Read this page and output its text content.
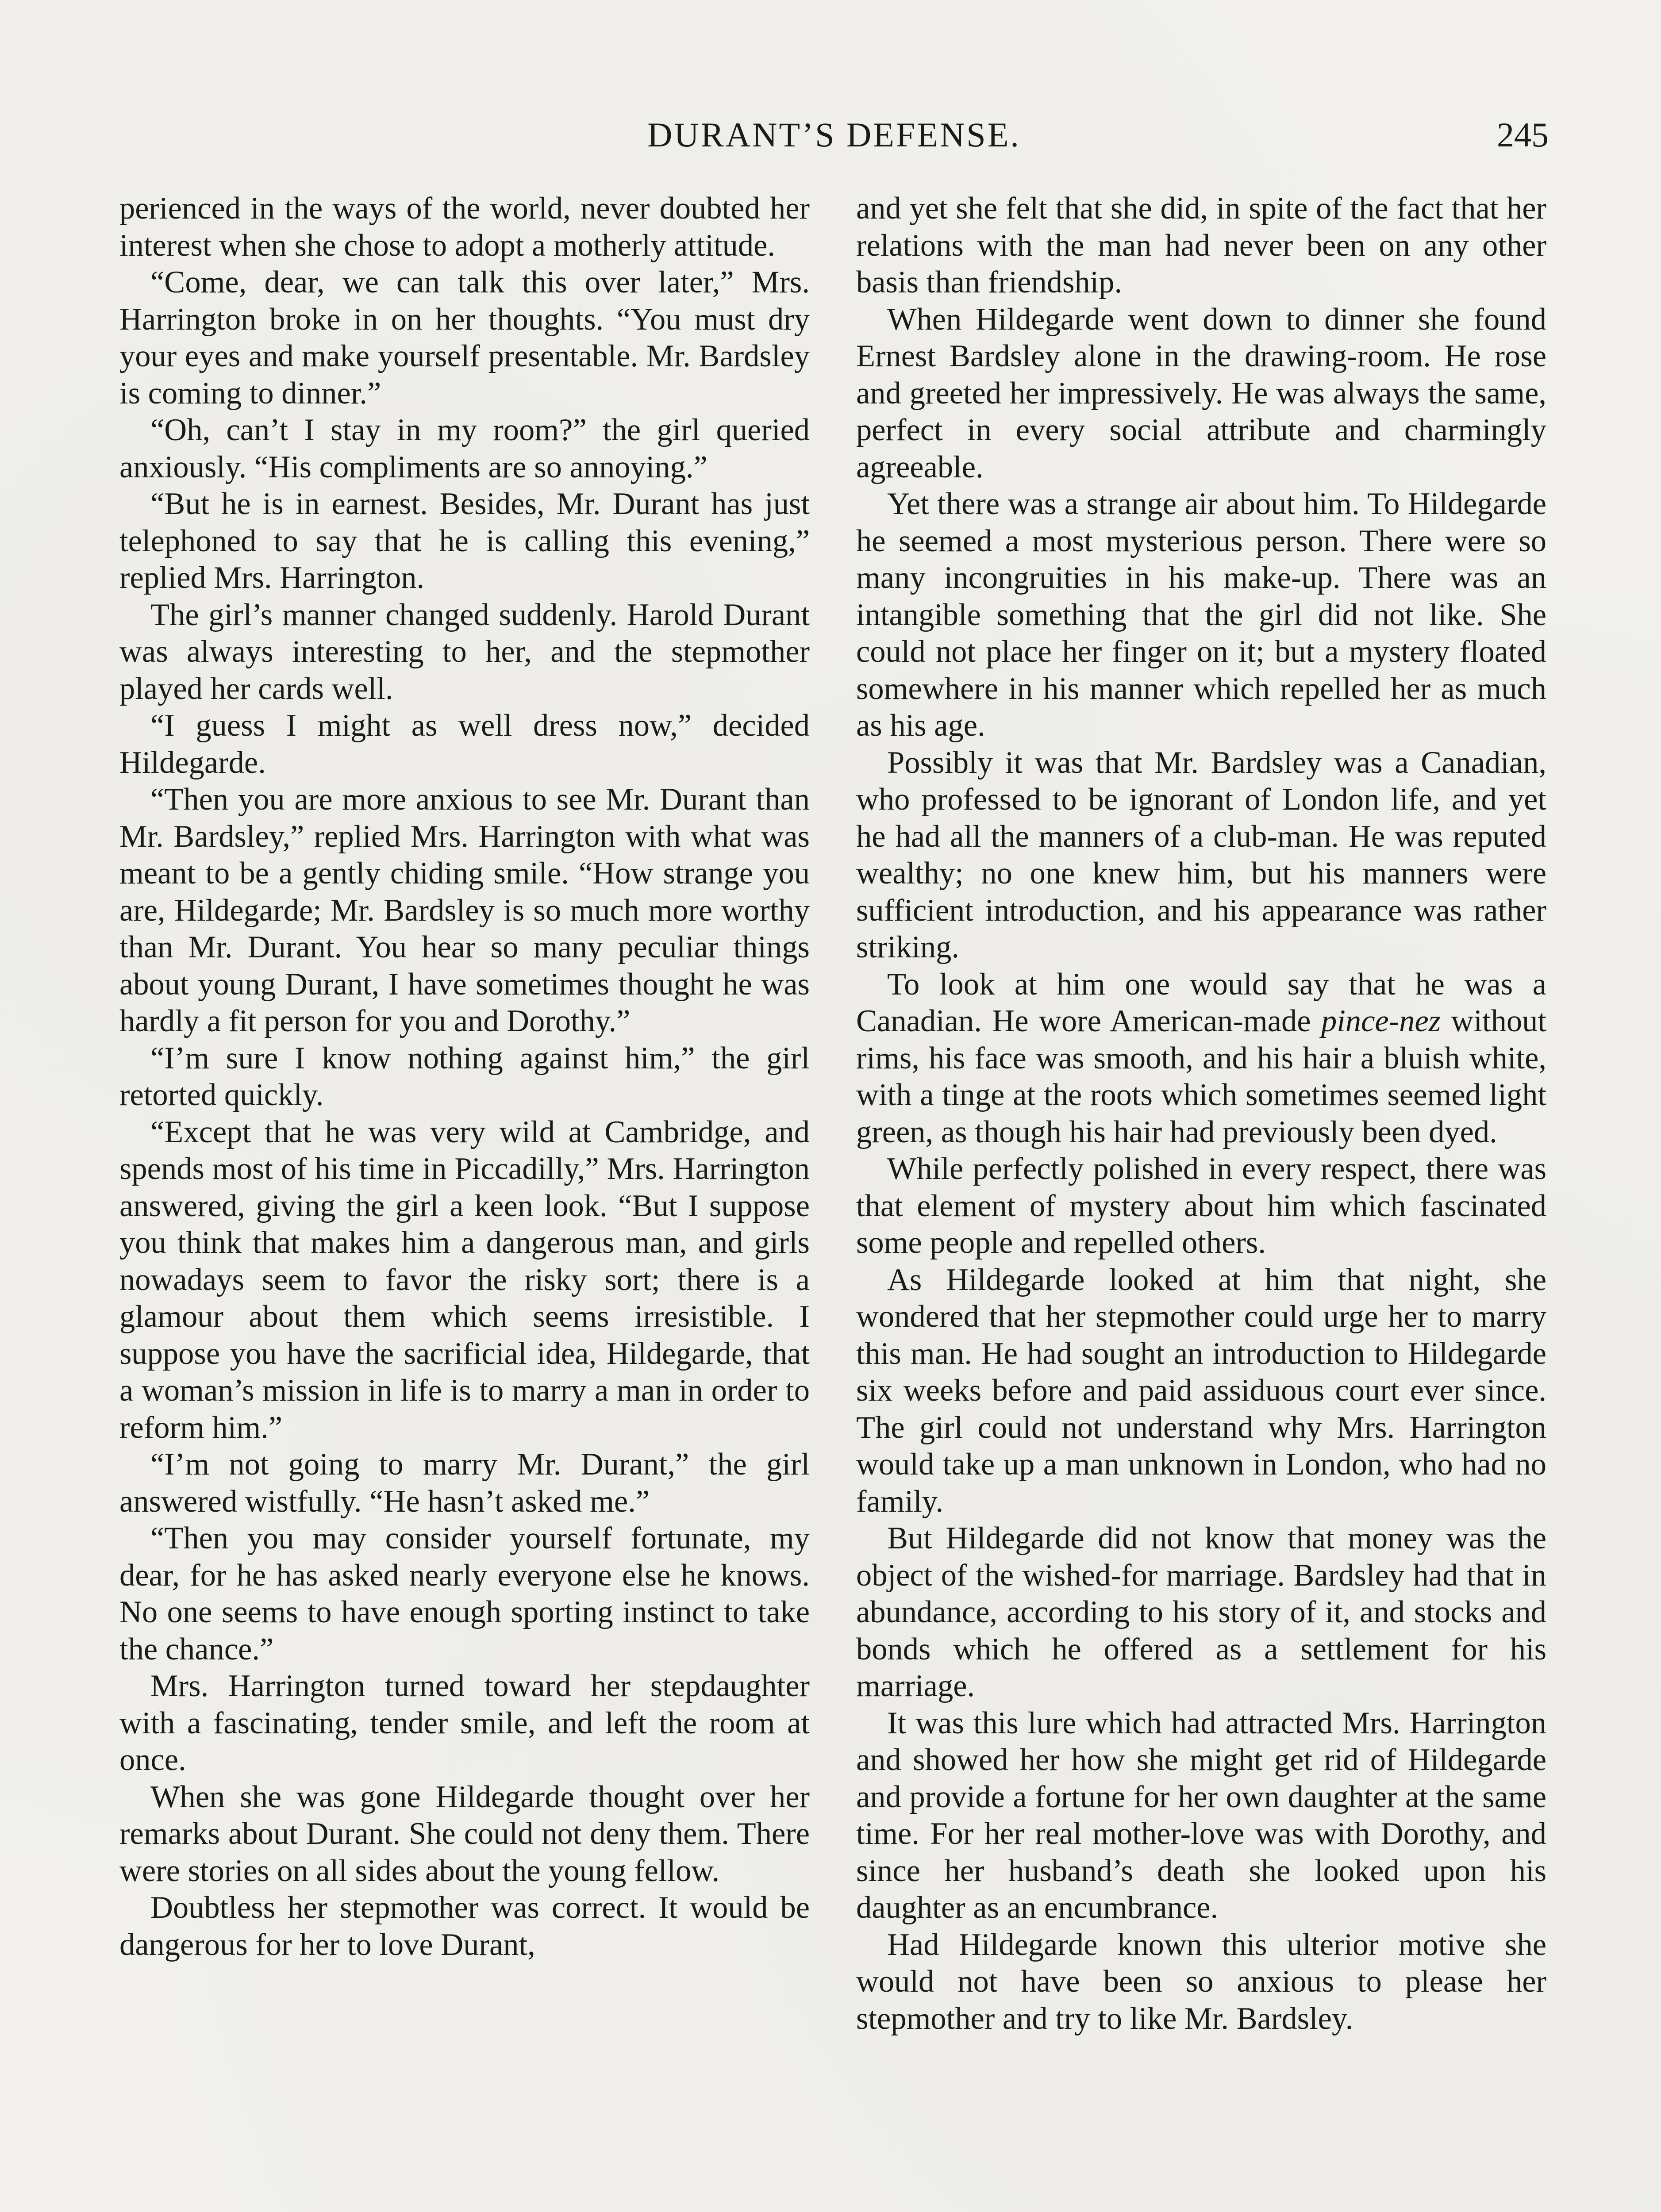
DURANT’S DEFENSE.	245

perienced in the ways of the world, never doubted her interest when she chose to adopt a motherly attitude.

“Come, dear, we can talk this over later,” Mrs. Harrington broke in on her thoughts. “You must dry your eyes and make yourself presentable. Mr. Bardsley is coming to dinner.”

“Oh, can’t I stay in my room?” the girl queried anxiously. “His compliments are so annoying.”

“But he is in earnest. Besides, Mr. Durant has just telephoned to say that he is calling this evening,” replied Mrs. Harrington.

The girl’s manner changed suddenly. Harold Durant was always interesting to her, and the stepmother played her cards well.

“I guess I might as well dress now,” decided Hildegarde.

“Then you are more anxious to see Mr. Durant than Mr. Bardsley,” replied Mrs. Harrington with what was meant to be a gently chiding smile. “How strange you are, Hildegarde; Mr. Bardsley is so much more worthy than Mr. Durant. You hear so many peculiar things about young Durant, I have sometimes thought he was hardly a fit person for you and Dorothy.”

“I’m sure I know nothing against him,” the girl retorted quickly.

“Except that he was very wild at Cambridge, and spends most of his time in Piccadilly,” Mrs. Harrington answered, giving the girl a keen look. “But I suppose you think that makes him a dangerous man, and girls nowadays seem to favor the risky sort; there is a glamour about them which seems irresistible. I suppose you have the sacrificial idea, Hildegarde, that a woman’s mission in life is to marry a man in order to reform him.”

“I’m not going to marry Mr. Durant,” the girl answered wistfully. “He hasn’t asked me.”

“Then you may consider yourself fortunate, my dear, for he has asked nearly everyone else he knows. No one seems to have enough sporting instinct to take the chance.”

Mrs. Harrington turned toward her stepdaughter with a fascinating, tender smile, and left the room at once.

When she was gone Hildegarde thought over her remarks about Durant. She could not deny them. There were stories on all sides about the young fellow.

Doubtless her stepmother was correct. It would be dangerous for her to love Durant,

and yet she felt that she did, in spite of the fact that her relations with the man had never been on any other basis than friendship.

When Hildegarde went down to dinner she found Ernest Bardsley alone in the drawing-room. He rose and greeted her impressively. He was always the same, perfect in every social attribute and charmingly agreeable.

Yet there was a strange air about him. To Hildegarde he seemed a most mysterious person. There were so many incongruities in his make-up. There was an intangible something that the girl did not like. She could not place her finger on it; but a mystery floated somewhere in his manner which repelled her as much as his age.

Possibly it was that Mr. Bardsley was a Canadian, who professed to be ignorant of London life, and yet he had all the manners of a club-man. He was reputed wealthy; no one knew him, but his manners were sufficient introduction, and his appearance was rather striking.

To look at him one would say that he was a Canadian. He wore American-made pince-nez without rims, his face was smooth, and his hair a bluish white, with a tinge at the roots which sometimes seemed light green, as though his hair had previously been dyed.

While perfectly polished in every respect, there was that element of mystery about him which fascinated some people and repelled others.

As Hildegarde looked at him that night, she wondered that her stepmother could urge her to marry this man. He had sought an introduction to Hildegarde six weeks before and paid assiduous court ever since. The girl could not understand why Mrs. Harrington would take up a man unknown in London, who had no family.

But Hildegarde did not know that money was the object of the wished-for marriage. Bardsley had that in abundance, according to his story of it, and stocks and bonds which he offered as a settlement for his marriage.

It was this lure which had attracted Mrs. Harrington and showed her how she might get rid of Hildegarde and provide a fortune for her own daughter at the same time. For her real mother-love was with Dorothy, and since her husband’s death she looked upon his daughter as an encumbrance.

Had Hildegarde known this ulterior motive she would not have been so anxious to please her stepmother and try to like Mr. Bardsley.
